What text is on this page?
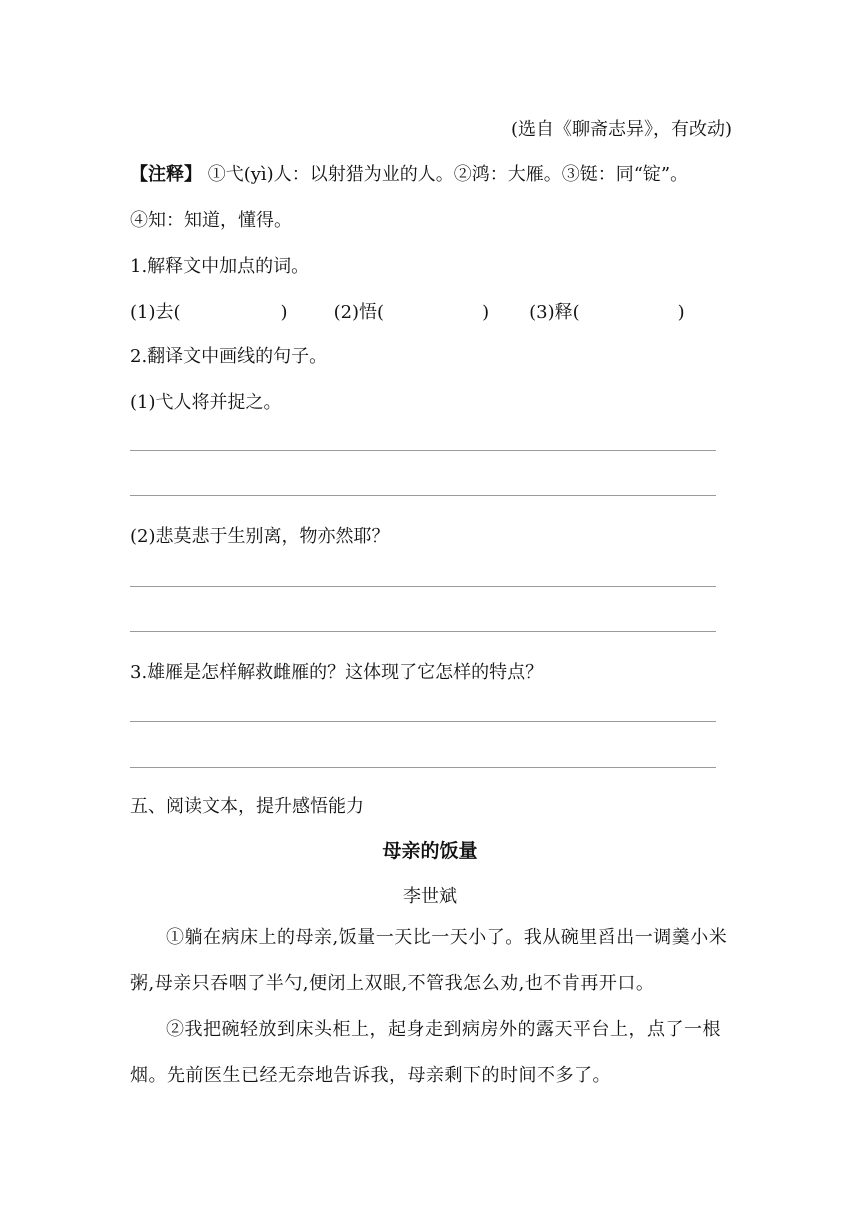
(选自《聊斋志异》，有改动)
【注释】 ①弋(yì)人：以射猎为业的人。②鸿：大雁。③铤：同“锭”。
④知：知道，懂得。
1.解释文中加点的词。
(1)去(	)	(2)悟(	) (3)释(	)
2.翻译文中画线的句子。
(1)弋人将并捉之。
(2)悲莫悲于生别离，物亦然耶？
3.雄雁是怎样解救雌雁的？这体现了它怎样的特点？
五、阅读文本，提升感悟能力
母亲的饭量
李世斌
①躺在病床上的母亲,饭量一天比一天小了。我从碗里舀出一调羹小米粥,母亲只吞咽了半勺,便闭上双眼,不管我怎么劝,也不肯再开口。
②我把碗轻放到床头柜上，起身走到病房外的露天平台上，点了一根烟。先前医生已经无奈地告诉我，母亲剩下的时间不多了。
